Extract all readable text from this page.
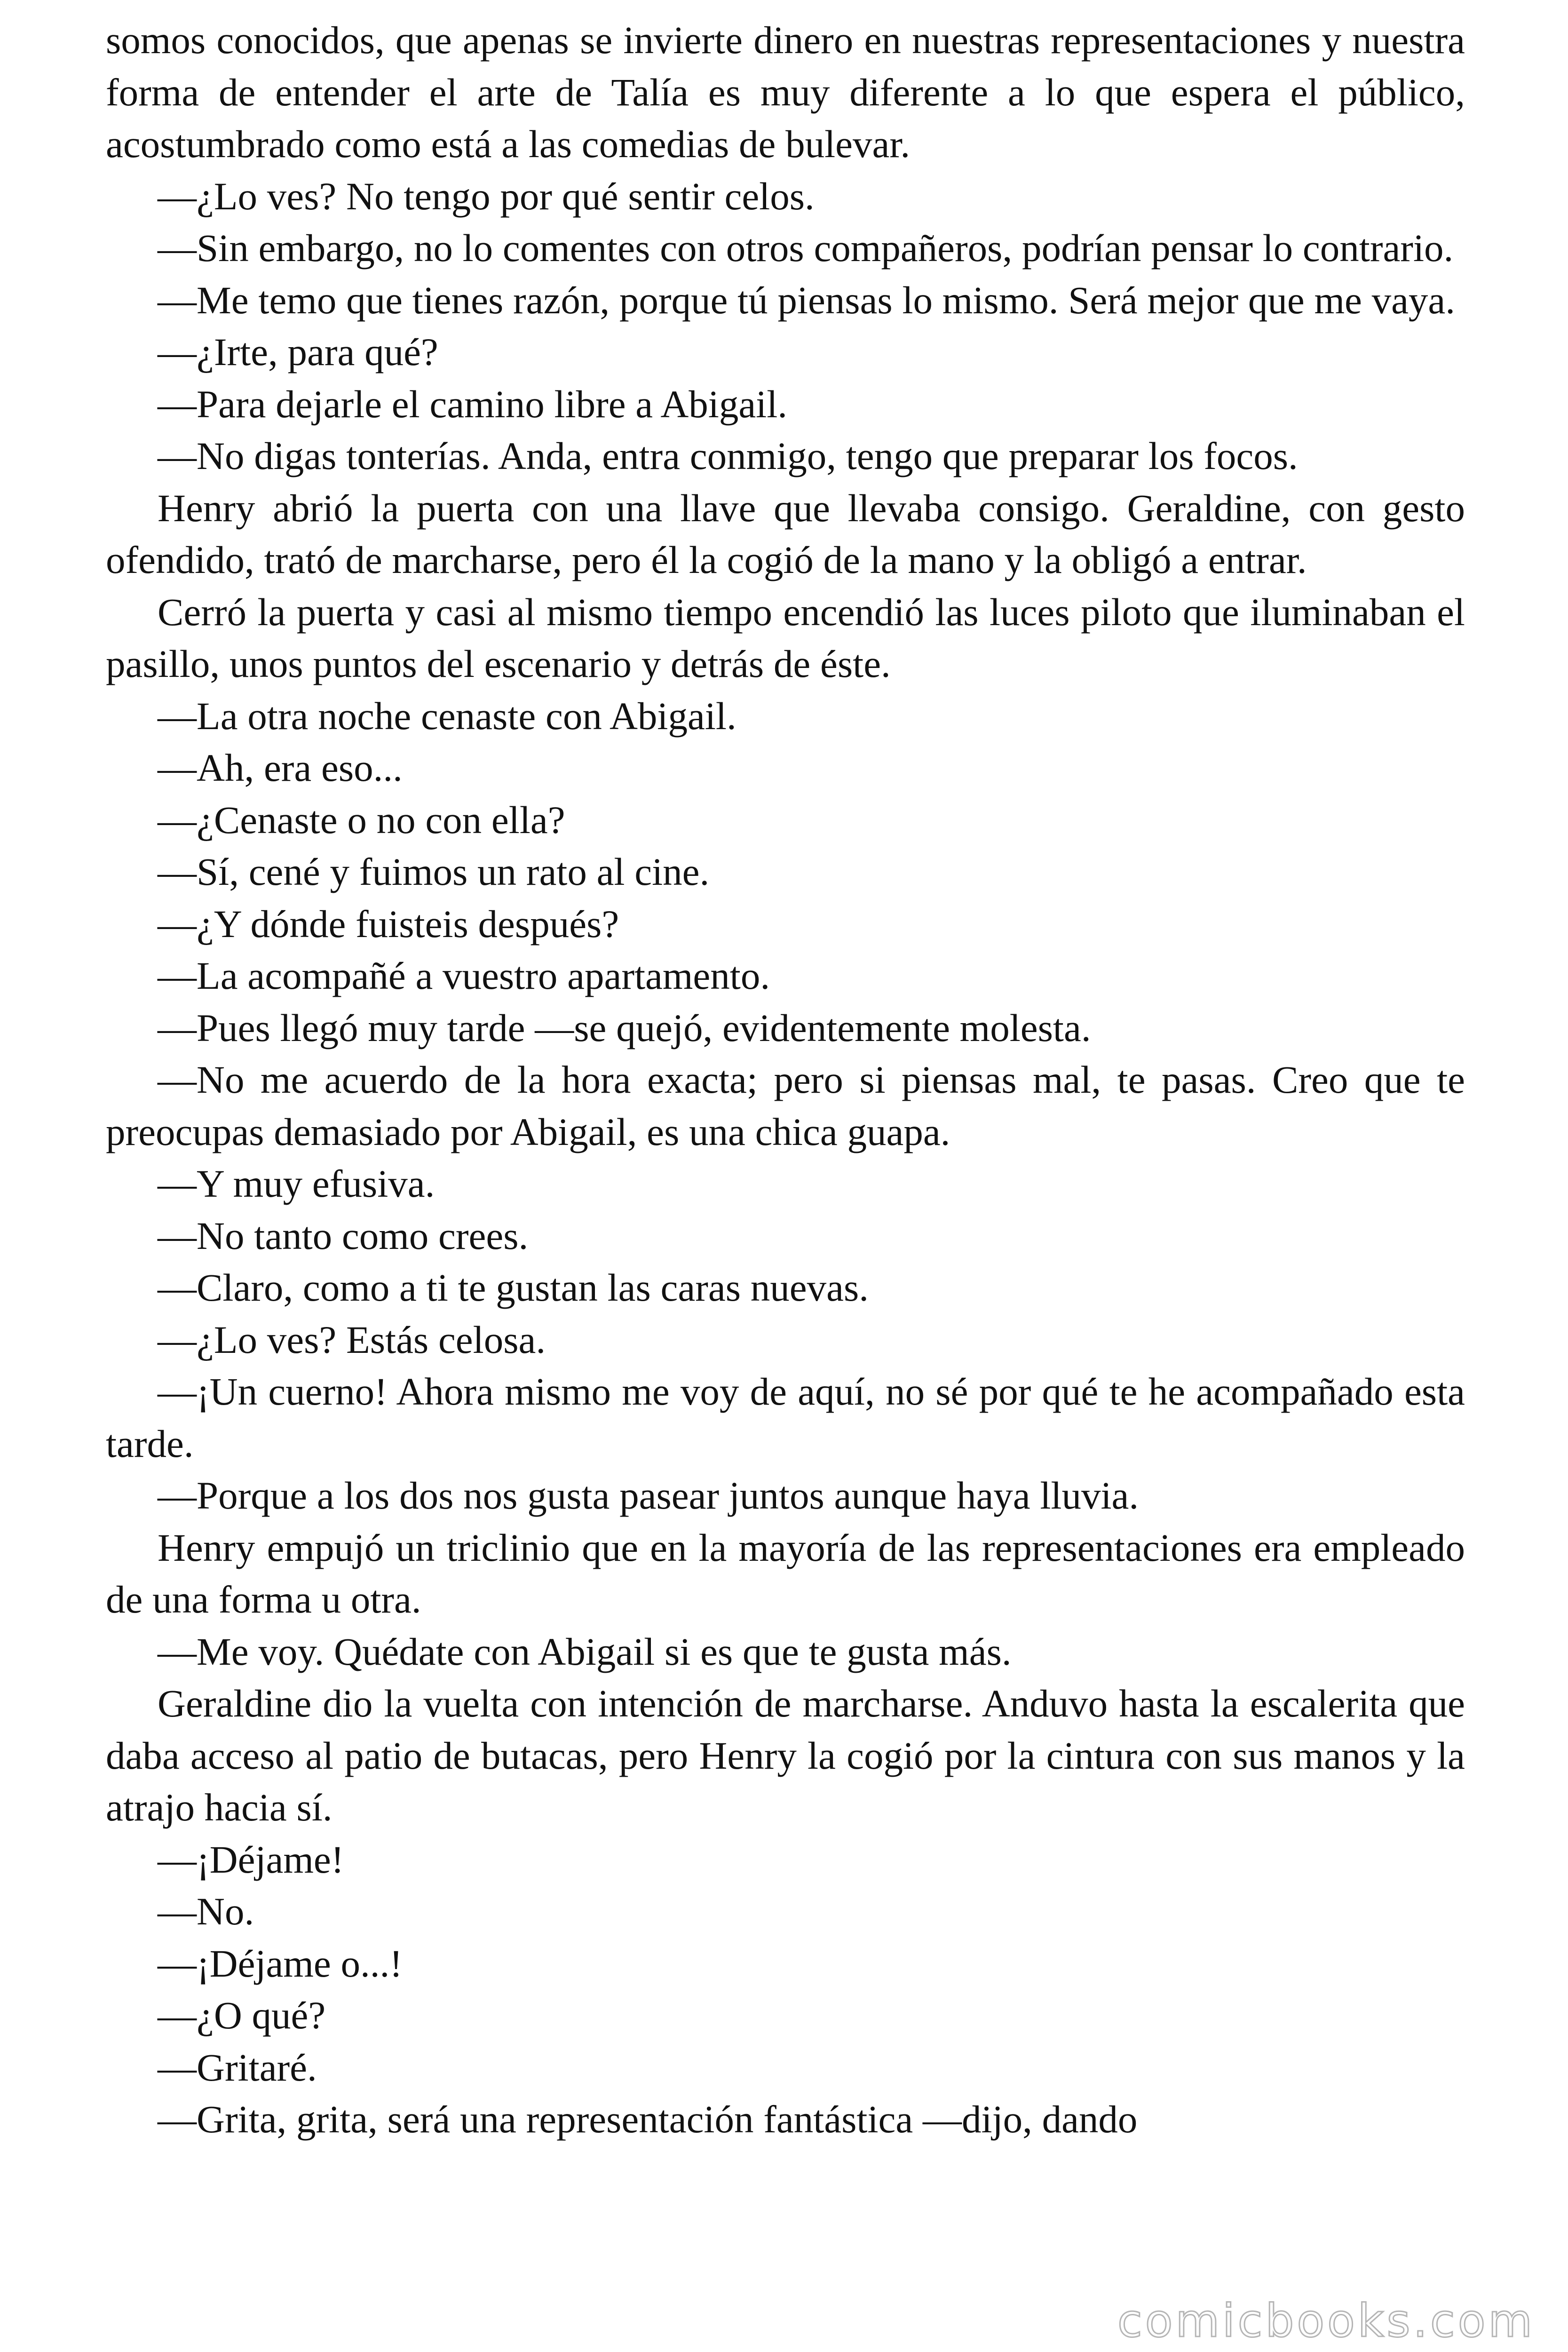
somos conocidos, que apenas se invierte dinero en nuestras representaciones y nuestra forma de entender el arte de Talía es muy diferente a lo que espera el público, acostumbrado como está a las comedias de bulevar.

—¿Lo ves? No tengo por qué sentir celos.

—Sin embargo, no lo comentes con otros compañeros, podrían pensar lo contrario.

—Me temo que tienes razón, porque tú piensas lo mismo. Será mejor que me vaya.

—¿Irte, para qué?

—Para dejarle el camino libre a Abigail.

—No digas tonterías. Anda, entra conmigo, tengo que preparar los focos.

Henry abrió la puerta con una llave que llevaba consigo. Geraldine, con gesto ofendido, trató de marcharse, pero él la cogió de la mano y la obligó a entrar.

Cerró la puerta y casi al mismo tiempo encendió las luces piloto que iluminaban el pasillo, unos puntos del escenario y detrás de éste.

—La otra noche cenaste con Abigail.

—Ah, era eso...

—¿Cenaste o no con ella?

—Sí, cené y fuimos un rato al cine.

—¿Y dónde fuisteis después?

—La acompañé a vuestro apartamento.

—Pues llegó muy tarde —se quejó, evidentemente molesta.

—No me acuerdo de la hora exacta; pero si piensas mal, te pasas. Creo que te preocupas demasiado por Abigail, es una chica guapa.

—Y muy efusiva.

—No tanto como crees.

—Claro, como a ti te gustan las caras nuevas.

—¿Lo ves? Estás celosa.

—¡Un cuerno! Ahora mismo me voy de aquí, no sé por qué te he acompañado esta tarde.

—Porque a los dos nos gusta pasear juntos aunque haya lluvia.

Henry empujó un triclinio que en la mayoría de las representaciones era empleado de una forma u otra.

—Me voy. Quédate con Abigail si es que te gusta más.

Geraldine dio la vuelta con intención de marcharse. Anduvo hasta la escalerita que daba acceso al patio de butacas, pero Henry la cogió por la cintura con sus manos y la atrajo hacia sí.

—¡Déjame!

—No.

—¡Déjame o...!

—¿O qué?

—Gritaré.

—Grita, grita, será una representación fantástica —dijo, dando

comicbooks.com
